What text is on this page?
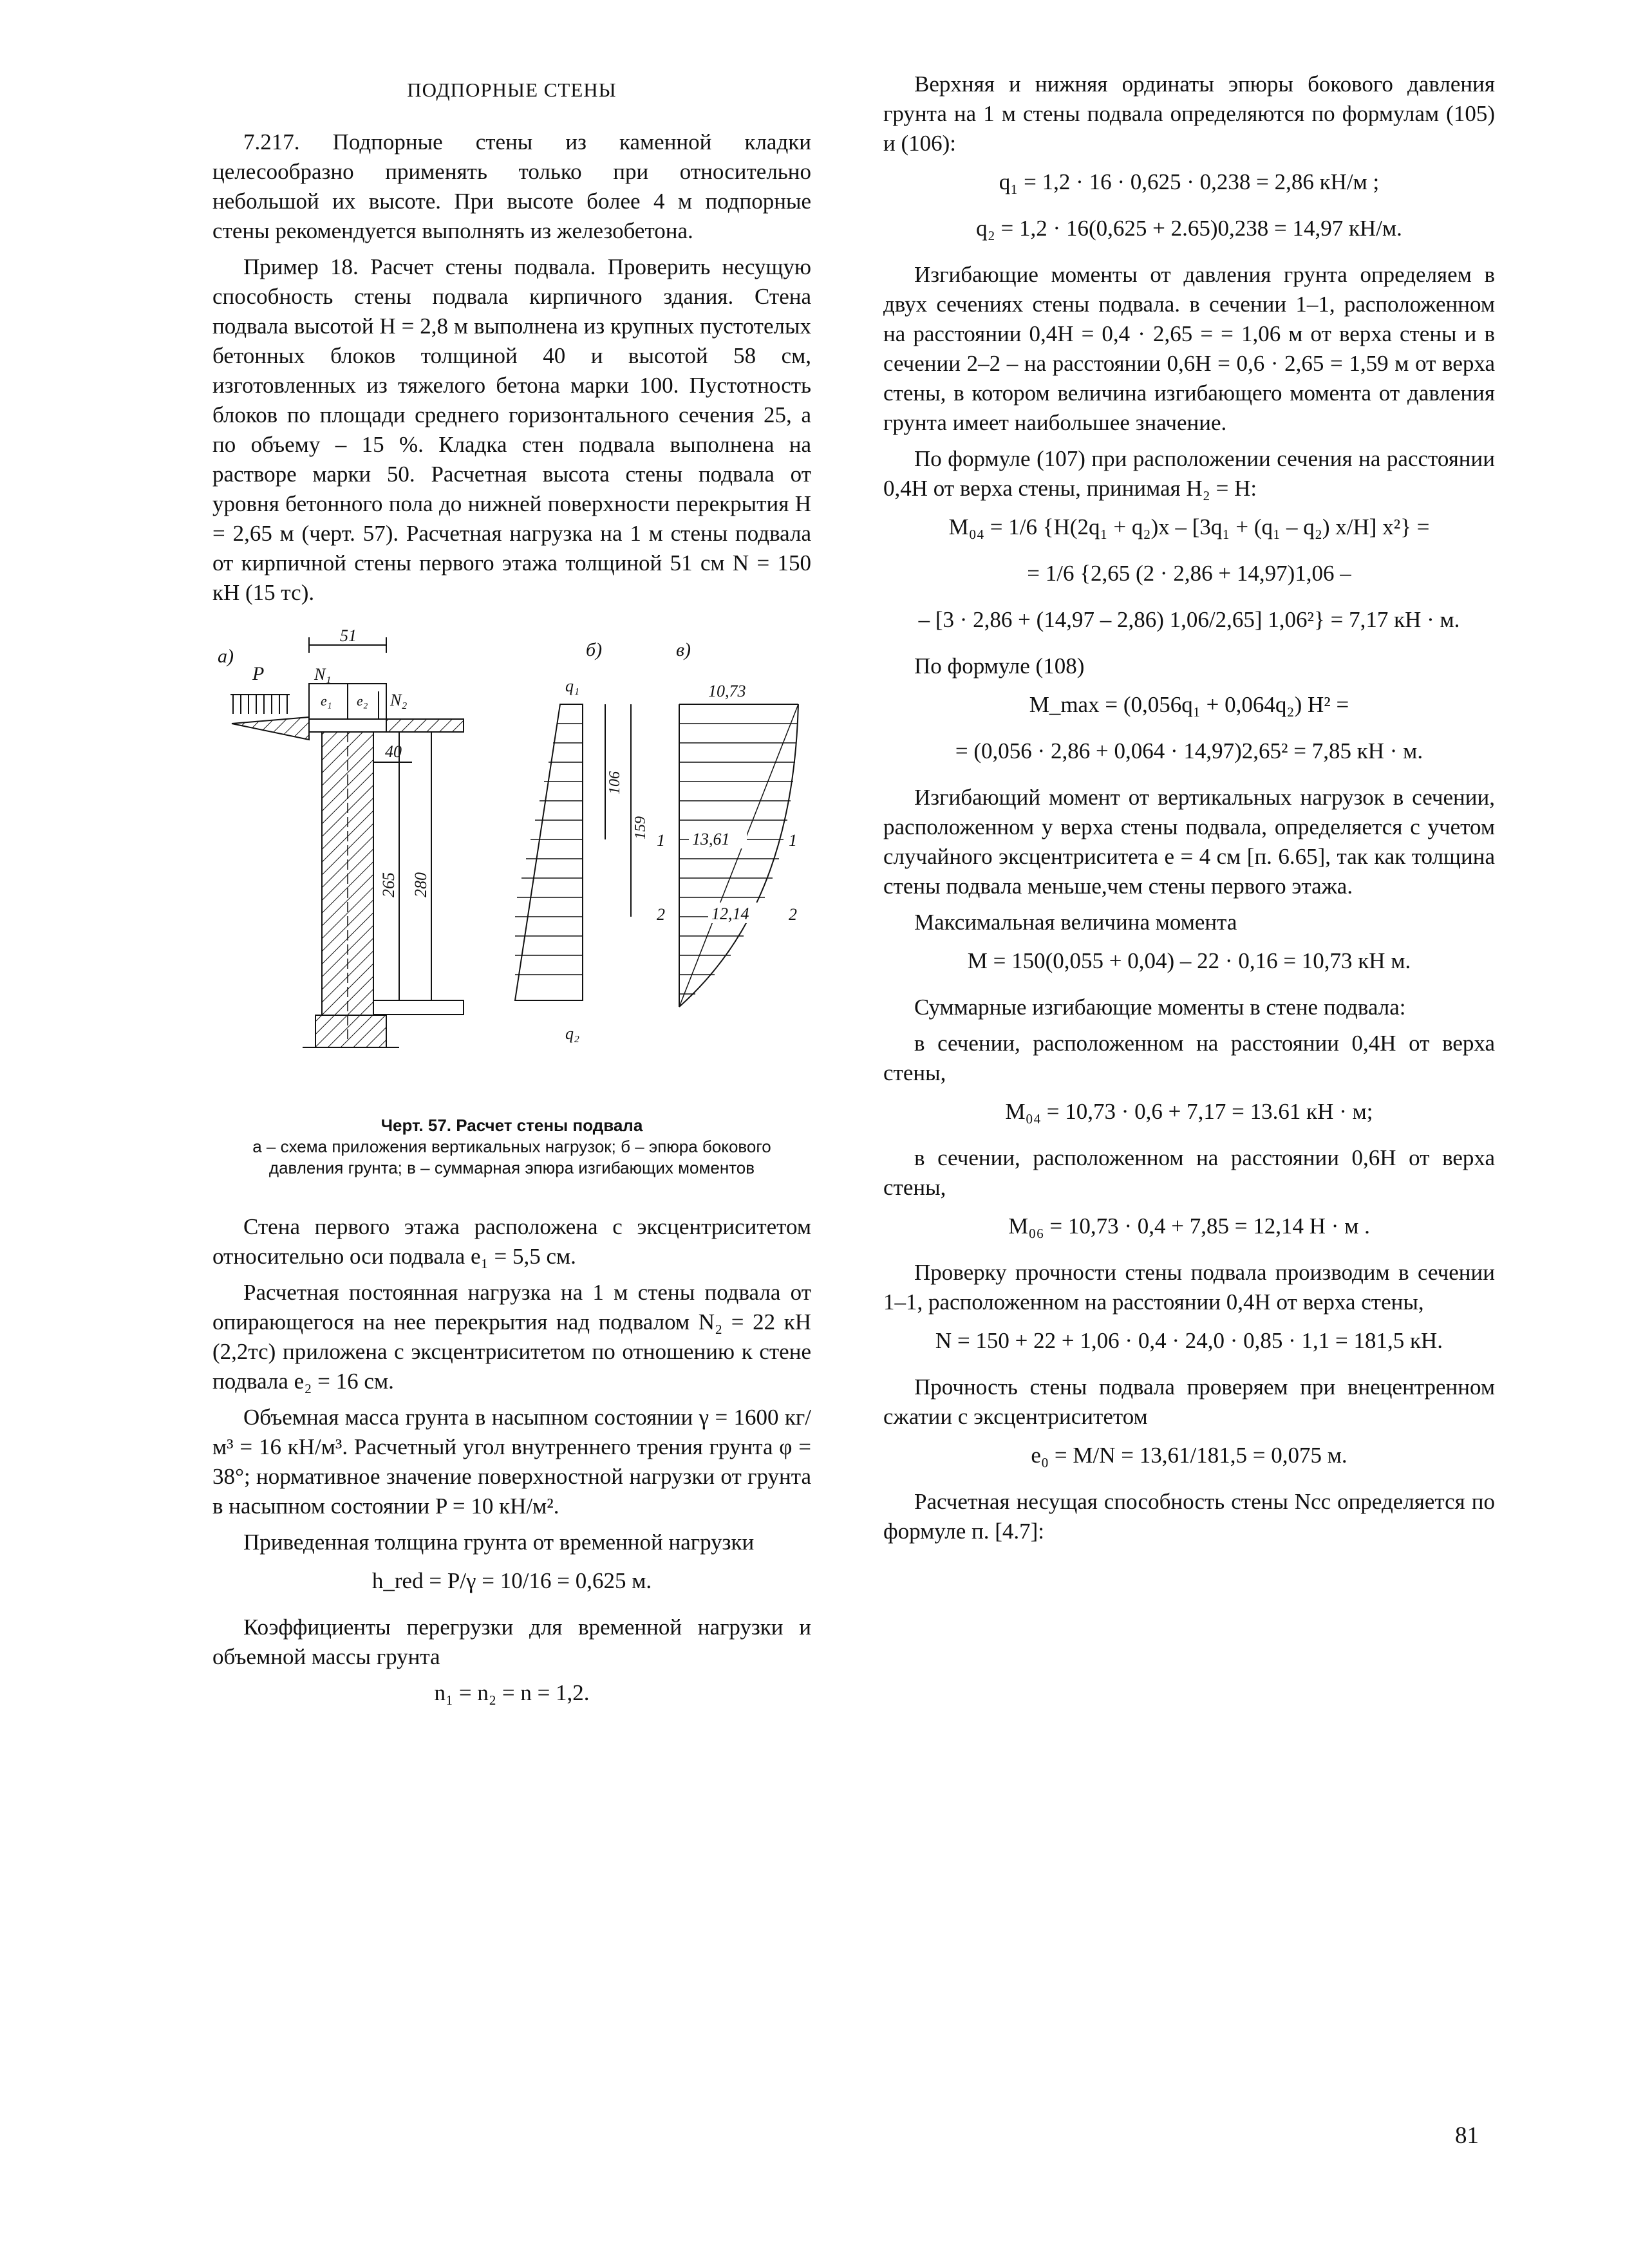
ПОДПОРНЫЕ СТЕНЫ

7.217. Подпорные стены из каменной кладки целесообразно применять только при относительно небольшой их высоте. При высоте более 4 м подпорные стены рекомендуется выполнять из железобетона.

Пример 18. Расчет стены подвала. Проверить несущую способность стены подвала кирпичного здания. Стена подвала высотой H = 2,8 м выполнена из крупных пустотелых бетонных блоков толщиной 40 и высотой 58 см, изготовленных из тяжелого бетона марки 100. Пустотность блоков по площади среднего горизонтального сечения 25, а по объему – 15 %. Кладка стен подвала выполнена на растворе марки 50. Расчетная высота стены подвала от уровня бетонного пола до нижней поверхности перекрытия H = 2,65 м (черт. 57). Расчетная нагрузка на 1 м стены подвала от кирпичной стены первого этажа толщиной 51 см N = 150 кН (15 тс).

а)	б)	в)
51
P	N₁
e₁ e₂ N₂
40
265 280
q₁
q₂
106
159
1
2
10,73
13,61
12,14
1
2
Черт. 57. Расчет стены подвала
а – схема приложения вертикальных нагрузок; б – эпюра бокового давления грунта; в – суммарная эпюра изгибающих моментов

Стена первого этажа расположена с эксцентриситетом относительно оси подвала e₁ = 5,5 см.

Расчетная постоянная нагрузка на 1 м стены подвала от опирающегося на нее перекрытия над подвалом N₂ = 22 кН (2,2тс) приложена с эксцентриситетом по отношению к стене подвала e₂ = 16 см.

Объемная масса грунта в насыпном состоянии γ = 1600 кг/м³ = 16 кН/м³. Расчетный угол внутреннего трения грунта φ = 38°; нормативное значение поверхностной нагрузки от грунта в насыпном состоянии P = 10 кН/м².

Приведенная толщина грунта от временной нагрузки

h_red = P/γ = 10/16 = 0,625 м.

Коэффициенты перегрузки для временной нагрузки и объемной массы грунта

n₁ = n₂ = n = 1,2.

Верхняя и нижняя ординаты эпюры бокового давления грунта на 1 м стены подвала определяются по формулам (105) и (106):

q₁ = 1,2 · 16 · 0,625 · 0,238 = 2,86 кН/м ;
q₂ = 1,2 · 16(0,625 + 2.65)0,238 = 14,97 кН/м.

Изгибающие моменты от давления грунта определяем в двух сечениях стены подвала. в сечении 1–1, расположенном на расстоянии 0,4H = 0,4 · 2,65 = = 1,06 м от верха стены и в сечении 2–2 – на расстоянии 0,6H = 0,6 · 2,65 = 1,59 м от верха стены, в котором величина изгибающего момента от давления грунта имеет наибольшее значение.

По формуле (107) при расположении сечения на расстоянии 0,4H от верха стены, принимая H₂ = H:

M₀₄ = 1/6 {H(2q₁ + q₂)x – [3q₁ + (q₁ – q₂) x/H] x²} =
= 1/6 {2,65 (2 · 2,86 + 14,97)1,06 –
– [3 · 2,86 + (14,97 – 2,86) 1,06/2,65] 1,06²} = 7,17 кН · м.

По формуле (108)

M_max = (0,056q₁ + 0,064q₂) H² =
= (0,056 · 2,86 + 0,064 · 14,97)2,65² = 7,85 кН · м.

Изгибающий момент от вертикальных нагрузок в сечении, расположенном у верха стены подвала, определяется с учетом случайного эксцентриситета e = 4 см [п. 6.65], так как толщина стены подвала меньше,чем стены первого этажа.

Максимальная величина момента

M = 150(0,055 + 0,04) – 22 · 0,16 = 10,73 кН м.

Суммарные изгибающие моменты в стене подвала:

в сечении, расположенном на расстоянии 0,4H от верха стены,

M₀₄ = 10,73 · 0,6 + 7,17 = 13.61 кН · м;

в сечении, расположенном на расстоянии 0,6H от верха стены,

M₀₆ = 10,73 · 0,4 + 7,85 = 12,14 Н · м .

Проверку прочности стены подвала производим в сечении 1–1, расположенном на расстоянии 0,4H от верха стены,

N = 150 + 22 + 1,06 · 0,4 · 24,0 · 0,85 · 1,1 = 181,5 кН.

Прочность стены подвала проверяем при внецентренном сжатии с эксцентриситетом

e₀ = M/N = 13,61/181,5 = 0,075 м.

Расчетная несущая способность стены Ncc определяется по формуле п. [4.7]:

81
